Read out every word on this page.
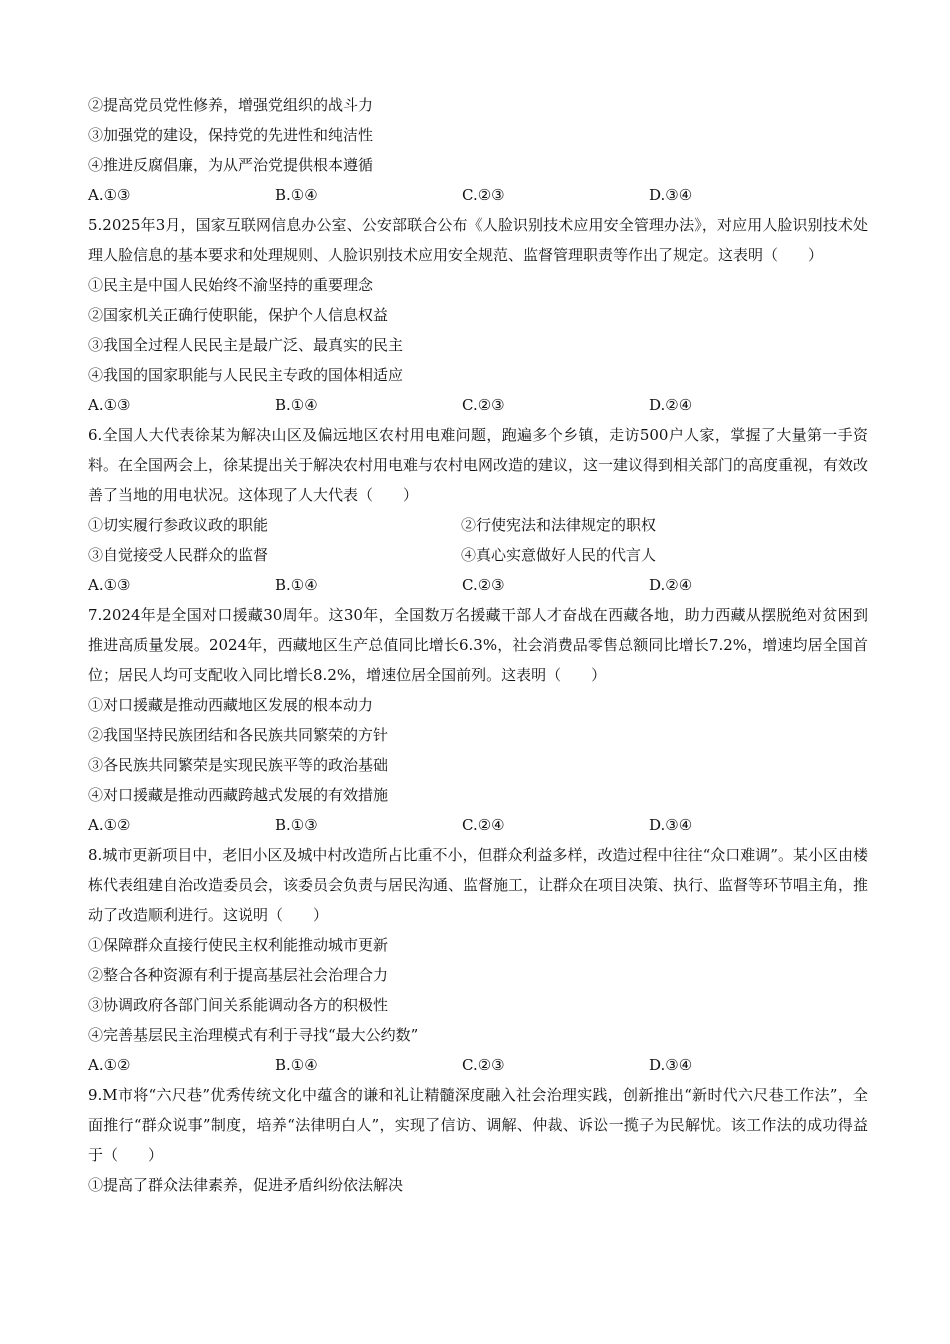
②提高党员党性修养，增强党组织的战斗力
③加强党的建设，保持党的先进性和纯洁性
④推进反腐倡廉，为从严治党提供根本遵循
A.①③	B.①④	C.②③	D.③④
5.2025年3月，国家互联网信息办公室、公安部联合公布《人脸识别技术应用安全管理办法》，对应用人脸识别技术处理人脸信息的基本要求和处理规则、人脸识别技术应用安全规范、监督管理职责等作出了规定。这表明（　　）
①民主是中国人民始终不渝坚持的重要理念
②国家机关正确行使职能，保护个人信息权益
③我国全过程人民民主是最广泛、最真实的民主
④我国的国家职能与人民民主专政的国体相适应
A.①③	B.①④	C.②③	D.②④
6.全国人大代表徐某为解决山区及偏远地区农村用电难问题，跑遍多个乡镇，走访500户人家，掌握了大量第一手资料。在全国两会上，徐某提出关于解决农村用电难与农村电网改造的建议，这一建议得到相关部门的高度重视，有效改善了当地的用电状况。这体现了人大代表（　　）
①切实履行参政议政的职能	②行使宪法和法律规定的职权
③自觉接受人民群众的监督	④真心实意做好人民的代言人
A.①③	B.①④	C.②③	D.②④
7.2024年是全国对口援藏30周年。这30年，全国数万名援藏干部人才奋战在西藏各地，助力西藏从摆脱绝对贫困到推进高质量发展。2024年，西藏地区生产总值同比增长6.3%，社会消费品零售总额同比增长7.2%，增速均居全国首位；居民人均可支配收入同比增长8.2%，增速位居全国前列。这表明（　　）
①对口援藏是推动西藏地区发展的根本动力
②我国坚持民族团结和各民族共同繁荣的方针
③各民族共同繁荣是实现民族平等的政治基础
④对口援藏是推动西藏跨越式发展的有效措施
A.①②	B.①③	C.②④	D.③④
8.城市更新项目中，老旧小区及城中村改造所占比重不小，但群众利益多样，改造过程中往往“众口难调”。某小区由楼栋代表组建自治改造委员会，该委员会负责与居民沟通、监督施工，让群众在项目决策、执行、监督等环节唱主角，推动了改造顺利进行。这说明（　　）
①保障群众直接行使民主权利能推动城市更新
②整合各种资源有利于提高基层社会治理合力
③协调政府各部门间关系能调动各方的积极性
④完善基层民主治理模式有利于寻找“最大公约数”
A.①②	B.①④	C.②③	D.③④
9.M市将“六尺巷”优秀传统文化中蕴含的谦和礼让精髓深度融入社会治理实践，创新推出“新时代六尺巷工作法”，全面推行“群众说事”制度，培养“法律明白人”，实现了信访、调解、仲裁、诉讼一揽子为民解忧。该工作法的成功得益于（　　）
①提高了群众法律素养，促进矛盾纠纷依法解决
